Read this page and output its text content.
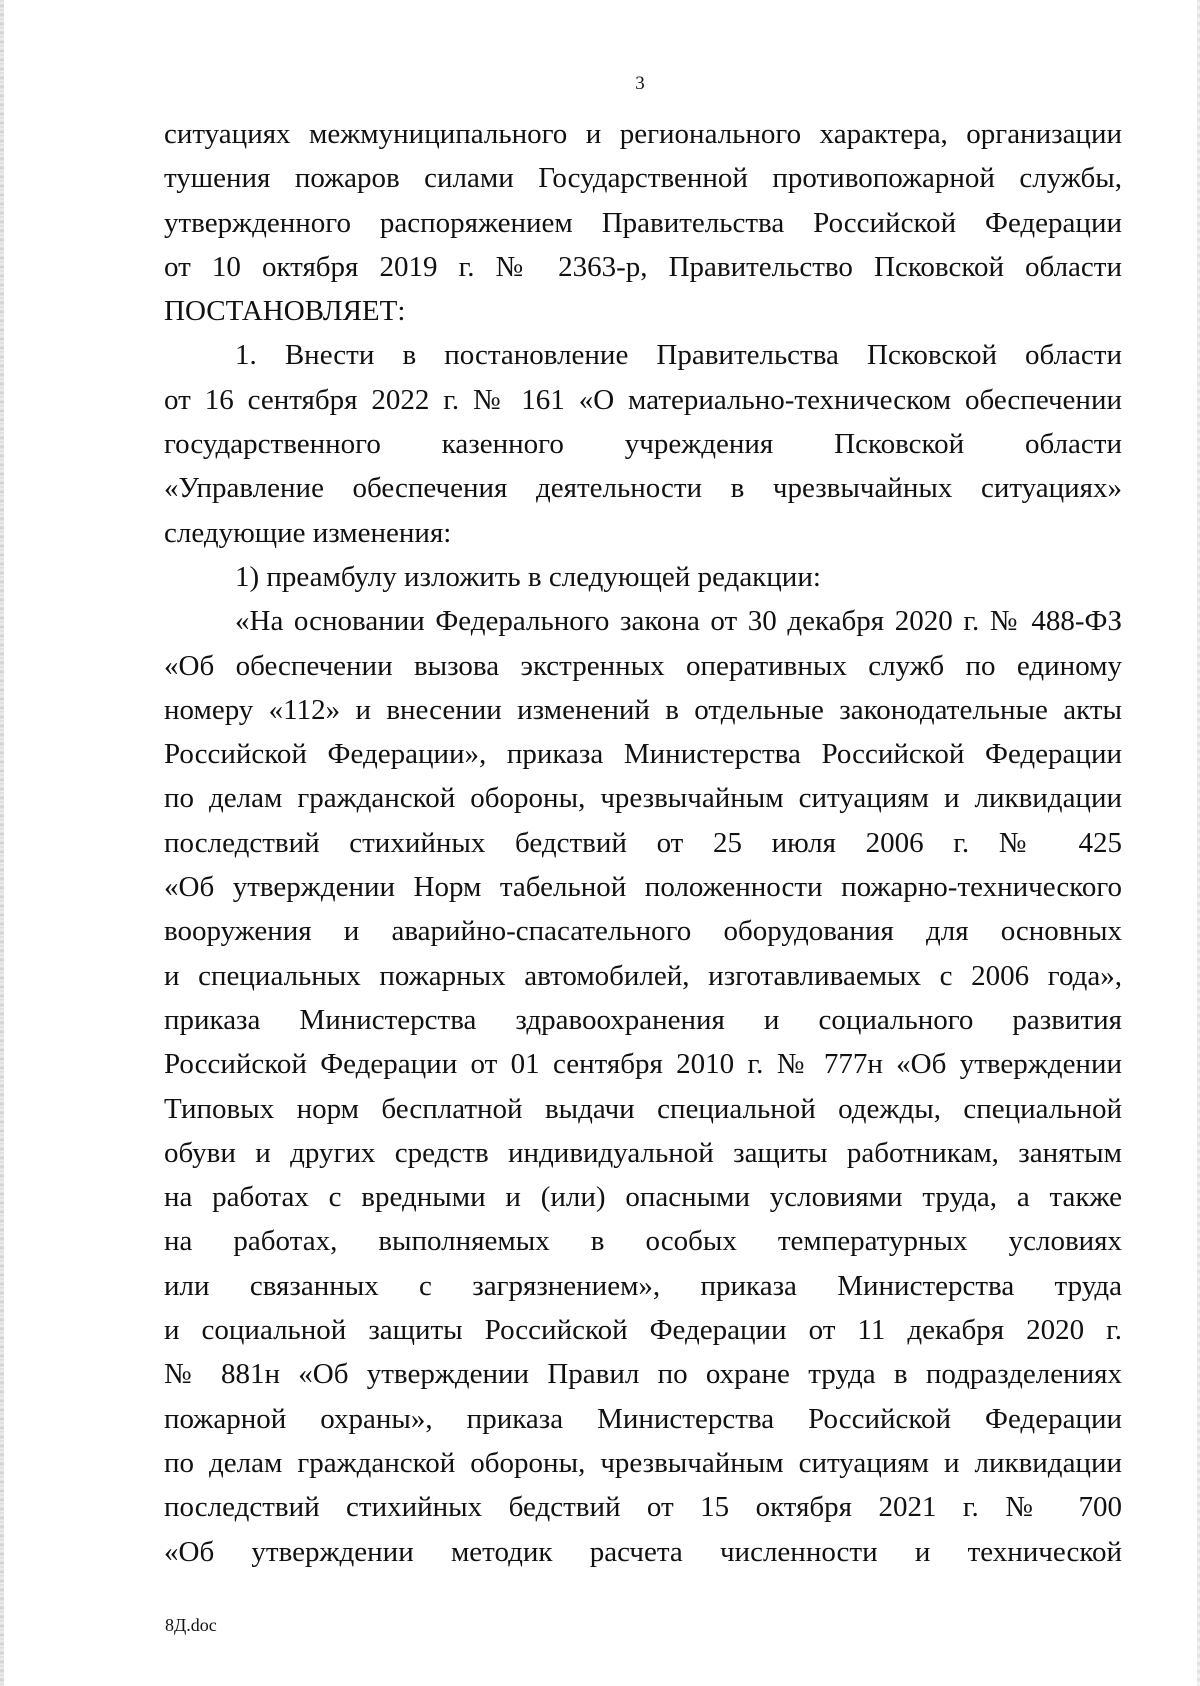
3
ситуациях межмуниципального и регионального характера, организации
тушения пожаров силами Государственной противопожарной службы,
утвержденного распоряжением Правительства Российской Федерации
от 10 октября 2019 г. № 2363-р, Правительство Псковской области
ПОСТАНОВЛЯЕТ:
1. Внести в постановление Правительства Псковской области
от 16 сентября 2022 г. № 161 «О материально-техническом обеспечении
государственного казенного учреждения Псковской области
«Управление обеспечения деятельности в чрезвычайных ситуациях»
следующие изменения:
1) преамбулу изложить в следующей редакции:
«На основании Федерального закона от 30 декабря 2020 г. № 488-ФЗ
«Об обеспечении вызова экстренных оперативных служб по единому
номеру «112» и внесении изменений в отдельные законодательные акты
Российской Федерации», приказа Министерства Российской Федерации
по делам гражданской обороны, чрезвычайным ситуациям и ликвидации
последствий стихийных бедствий от 25 июля 2006 г. № 425
«Об утверждении Норм табельной положенности пожарно-технического
вооружения и аварийно-спасательного оборудования для основных
и специальных пожарных автомобилей, изготавливаемых с 2006 года»,
приказа Министерства здравоохранения и социального развития
Российской Федерации от 01 сентября 2010 г. № 777н «Об утверждении
Типовых норм бесплатной выдачи специальной одежды, специальной
обуви и других средств индивидуальной защиты работникам, занятым
на работах с вредными и (или) опасными условиями труда, а также
на работах, выполняемых в особых температурных условиях
или связанных с загрязнением», приказа Министерства труда
и социальной защиты Российской Федерации от 11 декабря 2020 г.
№ 881н «Об утверждении Правил по охране труда в подразделениях
пожарной охраны», приказа Министерства Российской Федерации
по делам гражданской обороны, чрезвычайным ситуациям и ликвидации
последствий стихийных бедствий от 15 октября 2021 г. № 700
«Об утверждении методик расчета численности и технической
8Д.doc
